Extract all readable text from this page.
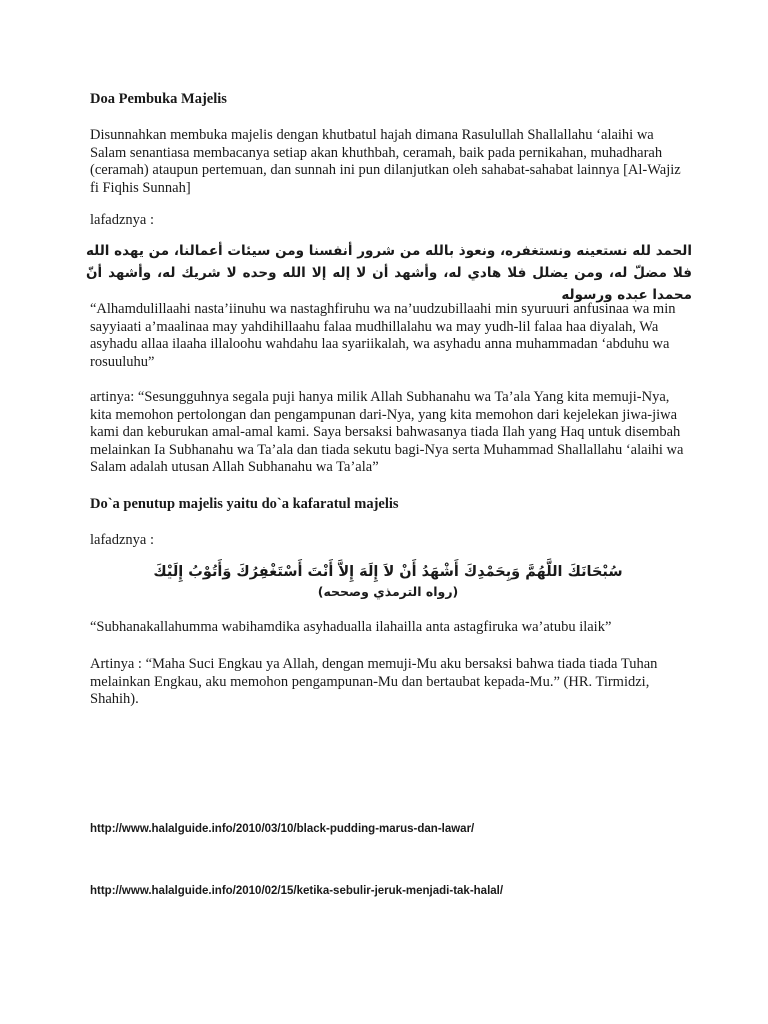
Doa Pembuka Majelis
Disunnahkan membuka majelis dengan khutbatul hajah dimana Rasulullah Shallallahu ‘alaihi wa Salam senantiasa membacanya setiap akan khuthbah, ceramah, baik pada pernikahan, muhadharah (ceramah) ataupun pertemuan, dan sunnah ini pun dilanjutkan oleh sahabat-sahabat lainnya [Al-Wajiz fi Fiqhis Sunnah]
lafadznya :
الحمد لله نستعينه ونستغفره، ونعوذ بالله من شرور أنفسنا ومن سيئات أعمالنا، من يهده الله فلا مضلّ له، ومن يضلل فلا هادي له، وأشهد أن لا إله إلا الله وحده لا شريك له، وأشهد أنّ محمدا عبده ورسوله
“Alhamdulillaahi nasta’iinuhu wa nastaghfiruhu wa na’uudzubillaahi min syuruuri anfusinaa wa min sayyiaati a’maalinaa may yahdihillaahu falaa mudhillalahu wa may yudh-lil falaa haa diyalah, Wa asyhadu allaa ilaaha illaloohu wahdahu laa syariikalah, wa asyhadu anna muhammadan ‘abduhu wa rosuuluhu”
artinya: “Sesungguhnya segala puji hanya milik Allah Subhanahu wa Ta’ala Yang kita memuji-Nya, kita memohon pertolongan dan pengampunan dari-Nya, yang kita memohon dari kejelekan jiwa-jiwa kami dan keburukan amal-amal kami. Saya bersaksi bahwasanya tiada Ilah yang Haq untuk disembah melainkan Ia Subhanahu wa Ta’ala dan tiada sekutu bagi-Nya serta Muhammad Shallallahu ‘alaihi wa Salam adalah utusan Allah Subhanahu wa Ta’ala”
Do`a penutup majelis yaitu do`a kafaratul majelis
lafadznya :
سُبْحَانَكَ اللَّهُمَّ وَبِحَمْدِكَ أَشْهَدُ أَنْ لاَ إِلَهَ إِلاَّ أَنْتَ أَسْتَغْفِرُكَ وَأَتُوْبُ إِلَيْكَ
(رواه الترمذي وصححه)
“Subhanakallahumma wabihamdika asyhadualla ilahailla anta astagfiruka wa’atubu ilaik”
Artinya : “Maha Suci Engkau ya Allah, dengan memuji-Mu aku bersaksi bahwa tiada tiada Tuhan melainkan Engkau, aku memohon pengampunan-Mu dan bertaubat kepada-Mu.” (HR. Tirmidzi, Shahih).
http://www.halalguide.info/2010/03/10/black-pudding-marus-dan-lawar/
http://www.halalguide.info/2010/02/15/ketika-sebulir-jeruk-menjadi-tak-halal/
